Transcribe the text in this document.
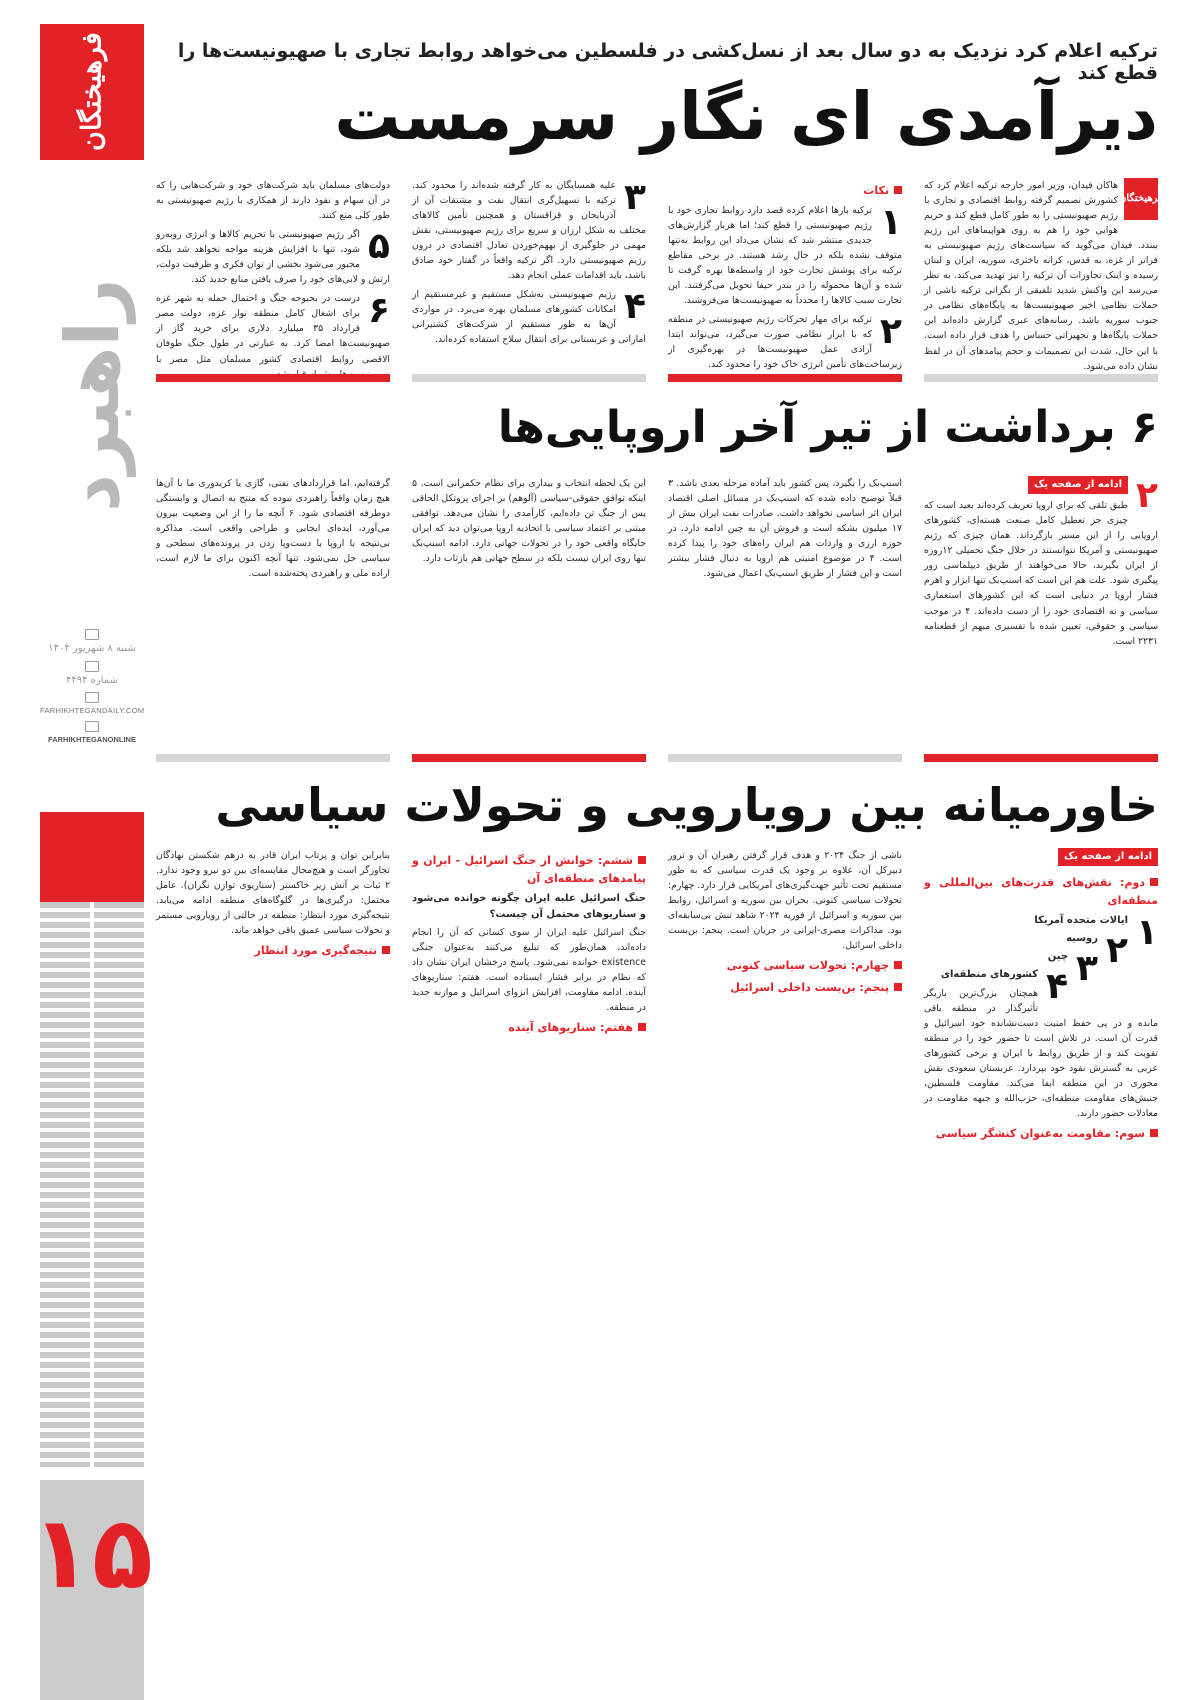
فرهیختگان
راهبرد
شنبه ۸ شهریور ۱۴۰۴
شماره ۴۴۹۴
FARHIKHTEGANDAILY.COM
FARHIKHTEGANONLINE
۱۵
ترکیه اعلام کرد نزدیک به دو سال بعد از نسل‌کشی در فلسطین می‌خواهد روابط تجاری با صهیونیست‌ها را قطع کند
دیرآمدی ای نگار سرمست
فرهیختگان

هاکان فیدان، وزیر امور خارجه ترکیه اعلام کرد که کشورش تصمیم گرفته روابط اقتصادی و تجاری با رژیم صهیونیستی را به طور کامل قطع کند و حریم هوایی خود را هم به روی هواپیماهای این رژیم ببندد. فیدان می‌گوید که سیاست‌های رژیم صهیونیستی به فراتر از غزه، به قدس، کرانه باختری، سوریه، ایران و لبنان رسیده و اینک تجاوزات آن ترکیه را نیز تهدید می‌کند. به نظر می‌رسد این واکنش شدید تلفیقی از نگرانی ترکیه ناشی از حملات نظامی اخیر صهیونیست‌ها به پایگاه‌های نظامی در جنوب سوریه باشد. رسانه‌های عبری گزارش داده‌اند این حملات پایگاه‌ها و تجهیزاتی حساس را هدف قرار داده است. با این حال، شدت این تصمیمات و حجم پیامدهای آن در لفظ نشان داده می‌شود.

نکات
۱

ترکیه بارها اعلام کرده قصد دارد روابط تجاری خود با رژیم صهیونیستی را قطع کند؛ اما هربار گزارش‌های جدیدی منتشر شد که نشان می‌داد این روابط نه‌تنها متوقف نشده بلکه در حال رشد هستند. در برخی مقاطع ترکیه برای پوشش تجارت خود از واسطه‌ها بهره گرفت تا شده و آن‌ها محموله را در بندر حیفا تحویل می‌گرفتند. این تجارت سبب کالاها را مجدداً به صهیونیست‌ها می‌فروشند.

۲

ترکیه برای مهار تحرکات رژیم صهیونیستی در منطقه که با ابزار نظامی صورت می‌گیرد، می‌تواند ابتدا آزادی عمل صهیونیست‌ها در بهره‌گیری از زیرساخت‌های تأمین انرژی خاک خود را محدود کند.

۳

علیه همسایگان به کار گرفته شده‌اند را محدود کند. ترکیه با تسهیل‌گری انتقال نفت و مشتقات آن از آذربایجان و قزاقستان و همچنین تأمین کالاهای مختلف به شکل ارزان و سریع برای رژیم صهیونیستی، نقش مهمی در جلوگیری از بههم‌خوردن تعادل اقتصادی در درون رژیم صهیونیستی دارد. اگر ترکیه واقعاً در گفتار خود صادق باشد، باید اقدامات عملی انجام دهد.

۴

رژیم صهیونیستی به‌شکل مستقیم و غیرمستقیم از امکانات کشورهای مسلمان بهره می‌برد. در مواردی آن‌ها به طور مستقیم از شرکت‌های کشتیرانی اماراتی و عربستانی برای انتقال سلاح استفاده کرده‌اند.

دولت‌های مسلمان باید شرکت‌های خود و شرکت‌هایی را که در آن سهام و نفوذ دارند از همکاری با رژیم صهیونیستی به طور کلی منع کنند.

۵

اگر رژیم صهیونیستی با تحریم کالاها و انرژی روبه‌رو شود، تنها با افزایش هزینه مواجه نخواهد شد بلکه مجبور می‌شود بخشی از توان فکری و ظرفیت دولت، ارتش و لابی‌های خود را صرف یافتن منابع جدید کند.

۶

درست در بحبوحه جنگ و احتمال حمله به شهر غزه برای اشغال کامل منطقه نوار غزه، دولت مصر قرارداد ۳۵ میلیارد دلاری برای خرید گاز از صهیونیست‌ها امضا کرد. به عبارتی در طول جنگ طوفان الاقصی روابط اقتصادی کشور مسلمان مثل مصر با

۶ برداشت از تیر آخر اروپایی‌ها
ادامه از صفحه یک ۲

طبق تلقی که برای اروپا تعریف کرده‌اند بعید است که چیزی جز تعطیل کامل صنعت هسته‌ای، کشورهای اروپایی را از این مسیر بازگرداند. همان چیزی که رژیم صهیونیستی و آمریکا نتوانستند در خلال جنگ تحمیلی ۱۲روزه از ایران بگیرند، حالا می‌خواهند از طریق دیپلماسی زور پیگیری شود. علت هم این است که اسنپ‌بک تنها ابزار و اهرم فشار اروپا در دنیایی است که این کشورهای استعماری سیاسی و نه اقتصادی خود را از دست داده‌اند. ۴ در موجب سیاسی و حقوقی، تعیین شده با تفسیری مبهم از قطعنامه ۲۲۳۱ است.

اسنپ‌بک را بگیرد، پس کشور باید آماده مرحله بعدی باشد. ۳ قبلاً توضیح داده شده که اسنپ‌بک در مسائل اصلی اقتصاد ایران اثر اساسی نخواهد داشت. صادرات نفت ایران بیش از ۱۷ میلیون بشکه است و فروش آن به چین ادامه دارد. در حوزه ارزی و واردات هم ایران راه‌های خود را پیدا کرده است. ۴ در موضوع امنیتی هم اروپا به دنبال فشار بیشتر است و این فشار از طریق اسنپ‌بک اعمال می‌شود.

این یک لحظه انتخاب و بیداری برای نظام حکمرانی است. ۵ اینکه توافق حقوقی-سیاسی (آلوهم) بر اجرای پروتکل الحاقی پس از جنگ تن داده‌ایم، کارآمدی را نشان می‌دهد. توافقی مبتنی بر اعتماد سیاسی با اتحادیه اروپا می‌توان دید که ایران جایگاه واقعی خود را در تحولات جهانی دارد. ادامه اسنپ‌بک تنها روی ایران نیست بلکه در سطح جهانی هم بازتاب دارد.

گرفته‌ایم، اما قراردادهای نفتی، گازی یا کریدوری ما با آن‌ها هیچ زمان واقعاً راهبردی نبوده که منتج به اتصال و وابستگی دوطرفه اقتصادی شود. ۶ آنچه ما را از این وضعیت بیرون می‌آورد، ایده‌ای ایجابی و طراحی واقعی است. مذاکره بی‌نتیجه با اروپا یا دست‌وپا زدن در پرونده‌های سطحی و سیاسی حل نمی‌شود. تنها آنچه اکنون برای ما لازم است، اراده ملی و راهبردی پخته‌شده است.

خاورمیانه بین رویارویی و تحولات سیاسی
ادامه از صفحه یک
دوم: نقش‌های قدرت‌های بین‌المللی و منطقه‌ای
۱
ایالات متحده آمریکا
۲
روسیه
۳
چین
۴
کشورهای منطقه‌ای

همچنان بزرگ‌ترین بازیگر تأثیرگذار در منطقه باقی مانده و در پی حفظ امنیت دست‌نشانده خود اسرائیل و قدرت آن است. در تلاش است تا حضور خود را در منطقه تقویت کند و از طریق روابط با ایران و برخی کشورهای عربی به گسترش نفوذ خود بپردازد. عربستان سعودی نقش محوری در این منطقه ایفا می‌کند. مقاومت فلسطین، جنبش‌های مقاومت منطقه‌ای، حزب‌الله و جبهه مقاومت در معادلات حضور دارند.

سوم: مقاومت به‌عنوان کنشگر سیاسی

ناشی از جنگ ۲۰۲۴ و هدف قرار گرفتن رهبران آن و ترور دبیرکل آن، علاوه بر وجود یک قدرت سیاسی که به طور مستقیم تحت تأثیر جهت‌گیری‌های آمریکایی قرار دارد. چهارم: تحولات سیاسی کنونی. بحران بین سوریه و اسرائیل، روابط بین سوریه و اسرائیل از فوریه ۲۰۲۴ شاهد تنش بی‌سابقه‌ای بود. مذاکرات مصری-ایرانی در جریان است. پنجم: بن‌بست داخلی اسرائیل.

چهارم: تحولات سیاسی کنونی
پنجم: بن‌بست داخلی اسرائیل
ششم: خوانش از جنگ اسرائیل - ایران و پیامدهای منطقه‌ای آن
جنگ اسرائیل علیه ایران چگونه خوانده می‌شود و سناریوهای محتمل آن چیست؟

جنگ اسرائیل علیه ایران از سوی کسانی که آن را انجام داده‌اند، همان‌طور که تبلیغ می‌کنند به‌عنوان جنگی existence خوانده نمی‌شود. پاسخ درخشان ایران نشان داد که نظام در برابر فشار ایستاده است. هفتم: سناریوهای آینده. ادامه مقاومت، افزایش انزوای اسرائیل و موازنه جدید در منطقه.

هفتم: سناریوهای آینده

بنابراین توان و پرتاب ایران قادر به درهم شکستن نهادگان تجاوزگر است و هیچ‌مجال مقایسه‌ای بین دو نیرو وجود ندارد. ۲ ثبات بر آتش زیر خاکستر (سناریوی توازن نگران). عامل محتمل: درگیری‌ها در گلوگاه‌های منطقه ادامه می‌یابد. نتیجه‌گیری مورد انتظار: منطقه در حالتی از رویارویی مستمر و تحولات سیاسی عمیق باقی خواهد ماند.

نتیجه‌گیری مورد انتظار
